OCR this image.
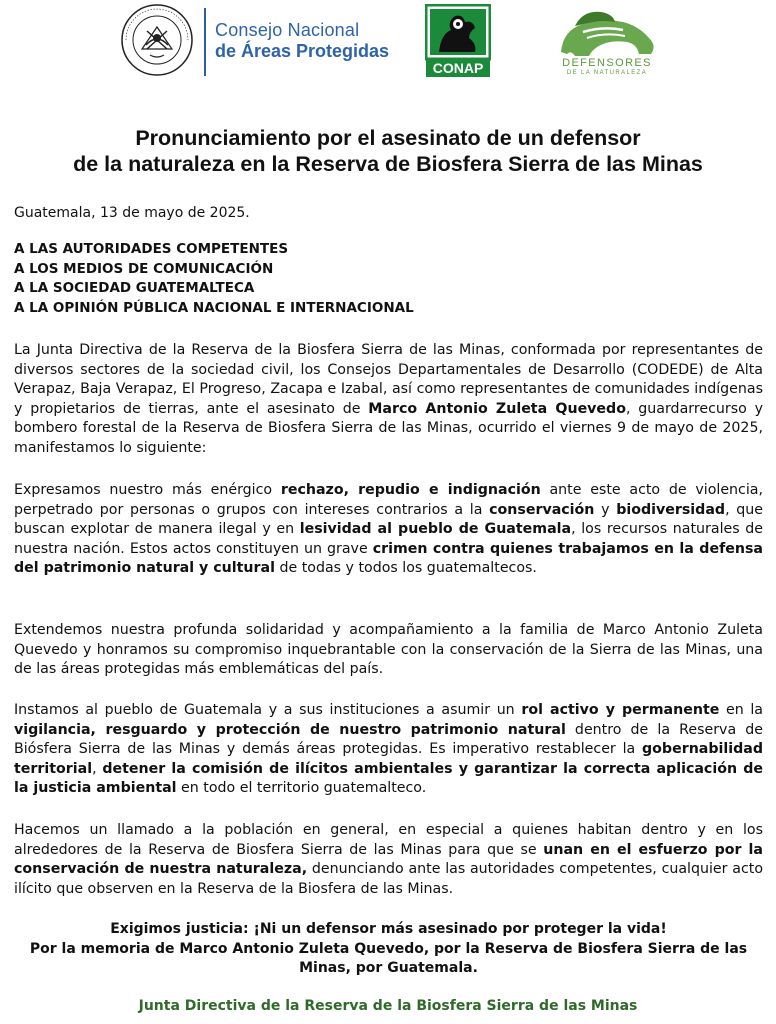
Consejo Nacional
de Áreas Protegidas
CONAP	DEFENSORES
DE LA NATURALEZA
Pronunciamiento por el asesinato de un defensor
de la naturaleza en la Reserva de Biosfera Sierra de las Minas
Guatemala, 13 de mayo de 2025.
A LAS AUTORIDADES COMPETENTES
A LOS MEDIOS DE COMUNICACIÓN
A LA SOCIEDAD GUATEMALTECA
A LA OPINIÓN PÚBLICA NACIONAL E INTERNACIONAL

La Junta Directiva de la Reserva de la Biosfera Sierra de las Minas, conformada por representantes de diversos sectores de la sociedad civil, los Consejos Departamentales de Desarrollo (CODEDE) de Alta Verapaz, Baja Verapaz, El Progreso, Zacapa e Izabal, así como representantes de comunidades indígenas y propietarios de tierras, ante el asesinato de Marco Antonio Zuleta Quevedo, guardarrecurso y bombero forestal de la Reserva de Biosfera Sierra de las Minas, ocurrido el viernes 9 de mayo de 2025, manifestamos lo siguiente:

Expresamos nuestro más enérgico rechazo, repudio e indignación ante este acto de violencia, perpetrado por personas o grupos con intereses contrarios a la conservación y biodiversidad, que buscan explotar de manera ilegal y en lesividad al pueblo de Guatemala, los recursos naturales de nuestra nación. Estos actos constituyen un grave crimen contra quienes trabajamos en la defensa del patrimonio natural y cultural de todas y todos los guatemaltecos.

Extendemos nuestra profunda solidaridad y acompañamiento a la familia de Marco Antonio Zuleta Quevedo y honramos su compromiso inquebrantable con la conservación de la Sierra de las Minas, una de las áreas protegidas más emblemáticas del país.

Instamos al pueblo de Guatemala y a sus instituciones a asumir un rol activo y permanente en la vigilancia, resguardo y protección de nuestro patrimonio natural dentro de la Reserva de Biósfera Sierra de las Minas y demás áreas protegidas. Es imperativo restablecer la gobernabilidad territorial, detener la comisión de ilícitos ambientales y garantizar la correcta aplicación de la justicia ambiental en todo el territorio guatemalteco.

Hacemos un llamado a la población en general, en especial a quienes habitan dentro y en los alrededores de la Reserva de Biosfera Sierra de las Minas para que se unan en el esfuerzo por la conservación de nuestra naturaleza, denunciando ante las autoridades competentes, cualquier acto ilícito que observen en la Reserva de la Biosfera de las Minas.

Exigimos justicia: ¡Ni un defensor más asesinado por proteger la vida!
Por la memoria de Marco Antonio Zuleta Quevedo, por la Reserva de Biosfera Sierra de las Minas, por Guatemala.
Junta Directiva de la Reserva de la Biosfera Sierra de las Minas
